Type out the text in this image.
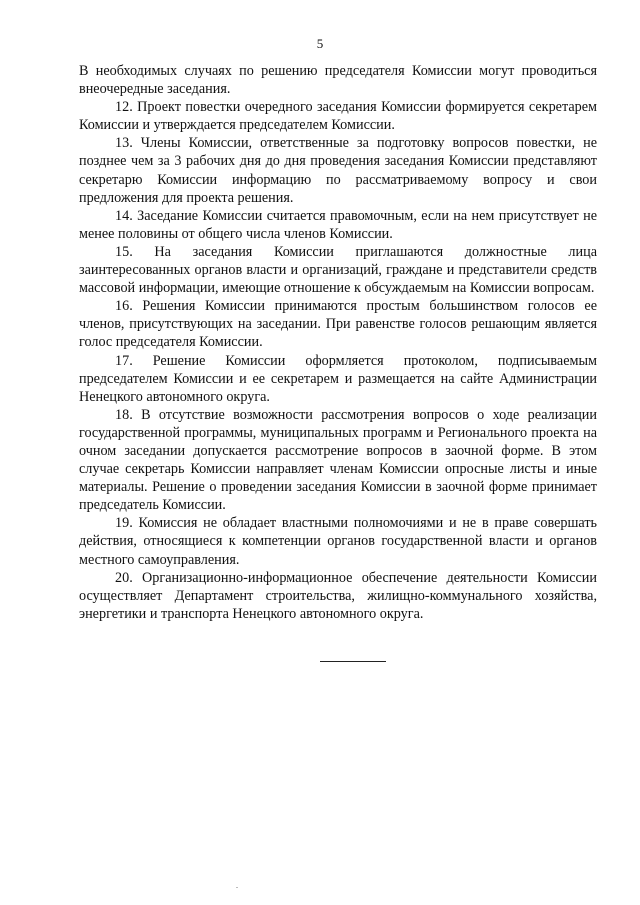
5

В необходимых случаях по решению председателя Комиссии могут проводиться внеочередные заседания.

12. Проект повестки очередного заседания Комиссии формируется секретарем Комиссии и утверждается председателем Комиссии.

13. Члены Комиссии, ответственные за подготовку вопросов повестки, не позднее чем за 3 рабочих дня до дня проведения заседания Комиссии представляют секретарю Комиссии информацию по рассматриваемому вопросу и свои предложения для проекта решения.

14. Заседание Комиссии считается правомочным, если на нем присутствует не менее половины от общего числа членов Комиссии.

15. На заседания Комиссии приглашаются должностные лица заинтересованных органов власти и организаций, граждане и представители средств массовой информации, имеющие отношение к обсуждаемым на Комиссии вопросам.

16. Решения Комиссии принимаются простым большинством голосов ее членов, присутствующих на заседании. При равенстве голосов решающим является голос председателя Комиссии.

17. Решение Комиссии оформляется протоколом, подписываемым председателем Комиссии и ее секретарем и размещается на сайте Администрации Ненецкого автономного округа.

18. В отсутствие возможности рассмотрения вопросов о ходе реализации государственной программы, муниципальных программ и Регионального проекта на очном заседании допускается рассмотрение вопросов в заочной форме. В этом случае секретарь Комиссии направляет членам Комиссии опросные листы и иные материалы. Решение о проведении заседания Комиссии в заочной форме принимает председатель Комиссии.

19. Комиссия не обладает властными полномочиями и не в праве совершать действия, относящиеся к компетенции органов государственной власти и органов местного самоуправления.

20. Организационно-информационное обеспечение деятельности Комиссии осуществляет Департамент строительства, жилищно-коммунального хозяйства, энергетики и транспорта Ненецкого автономного округа.
